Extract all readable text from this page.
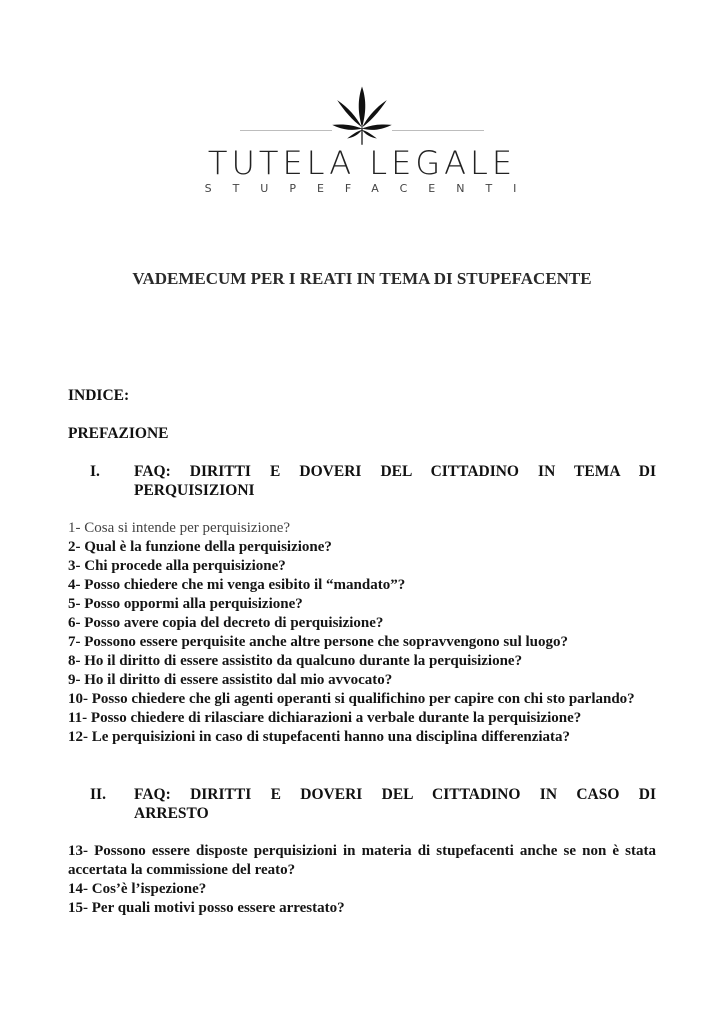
TUTELA LEGALE
STUPEFACENTI
VADEMECUM PER I REATI IN TEMA DI STUPEFACENTE
INDICE:
PREFAZIONE
I.	FAQ: DIRITTI E DOVERI DEL CITTADINO IN TEMA DI PERQUISIZIONI
1- Cosa si intende per perquisizione?
2- Qual è la funzione della perquisizione?
3- Chi procede alla perquisizione?
4- Posso chiedere che mi venga esibito il “mandato”?
5- Posso oppormi alla perquisizione?
6- Posso avere copia del decreto di perquisizione?
7- Possono essere perquisite anche altre persone che sopravvengono sul luogo?
8- Ho il diritto di essere assistito da qualcuno durante la perquisizione?
9- Ho il diritto di essere assistito dal mio avvocato?
10- Posso chiedere che gli agenti operanti si qualifichino per capire con chi sto parlando?
11- Posso chiedere di rilasciare dichiarazioni a verbale durante la perquisizione?
12- Le perquisizioni in caso di stupefacenti hanno una disciplina differenziata?
II.	FAQ: DIRITTI E DOVERI DEL CITTADINO IN CASO DI ARRESTO
13- Possono essere disposte perquisizioni in materia di stupefacenti anche se non è stata accertata la commissione del reato?
14- Cos’è l’ispezione?
15- Per quali motivi posso essere arrestato?
